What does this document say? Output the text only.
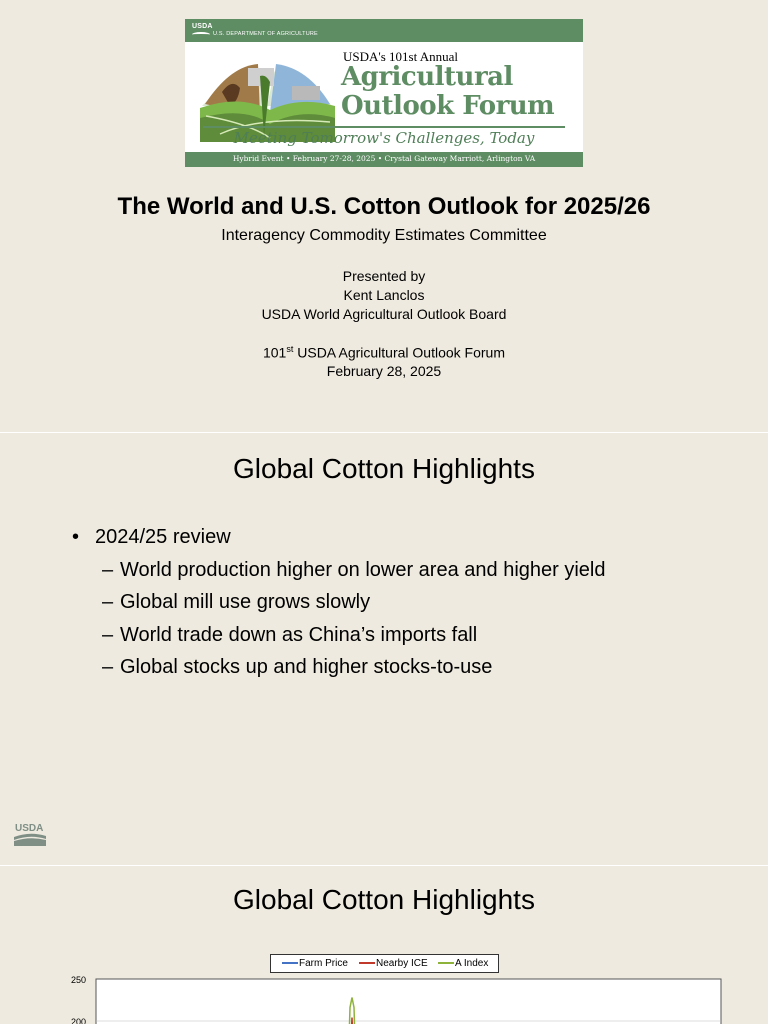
USDA
U.S. DEPARTMENT OF AGRICULTURE
USDA's 101st Annual
Agricultural
Outlook Forum
Meeting Tomorrow's Challenges, Today
Hybrid Event • February 27-28, 2025 • Crystal Gateway Marriott, Arlington VA
The World and U.S. Cotton Outlook for 2025/26
Interagency Commodity Estimates Committee
Presented by
Kent Lanclos
USDA World Agricultural Outlook Board
101st USDA Agricultural Outlook Forum
February 28, 2025
Global Cotton Highlights
• 2024/25 review
– World production higher on lower area and higher yield
– Global mill use grows slowly
– World trade down as China’s imports fall
– Global stocks up and higher stocks-to-use
USDA
Global Cotton Highlights
Farm Price	Nearby ICE	A Index
250
200
